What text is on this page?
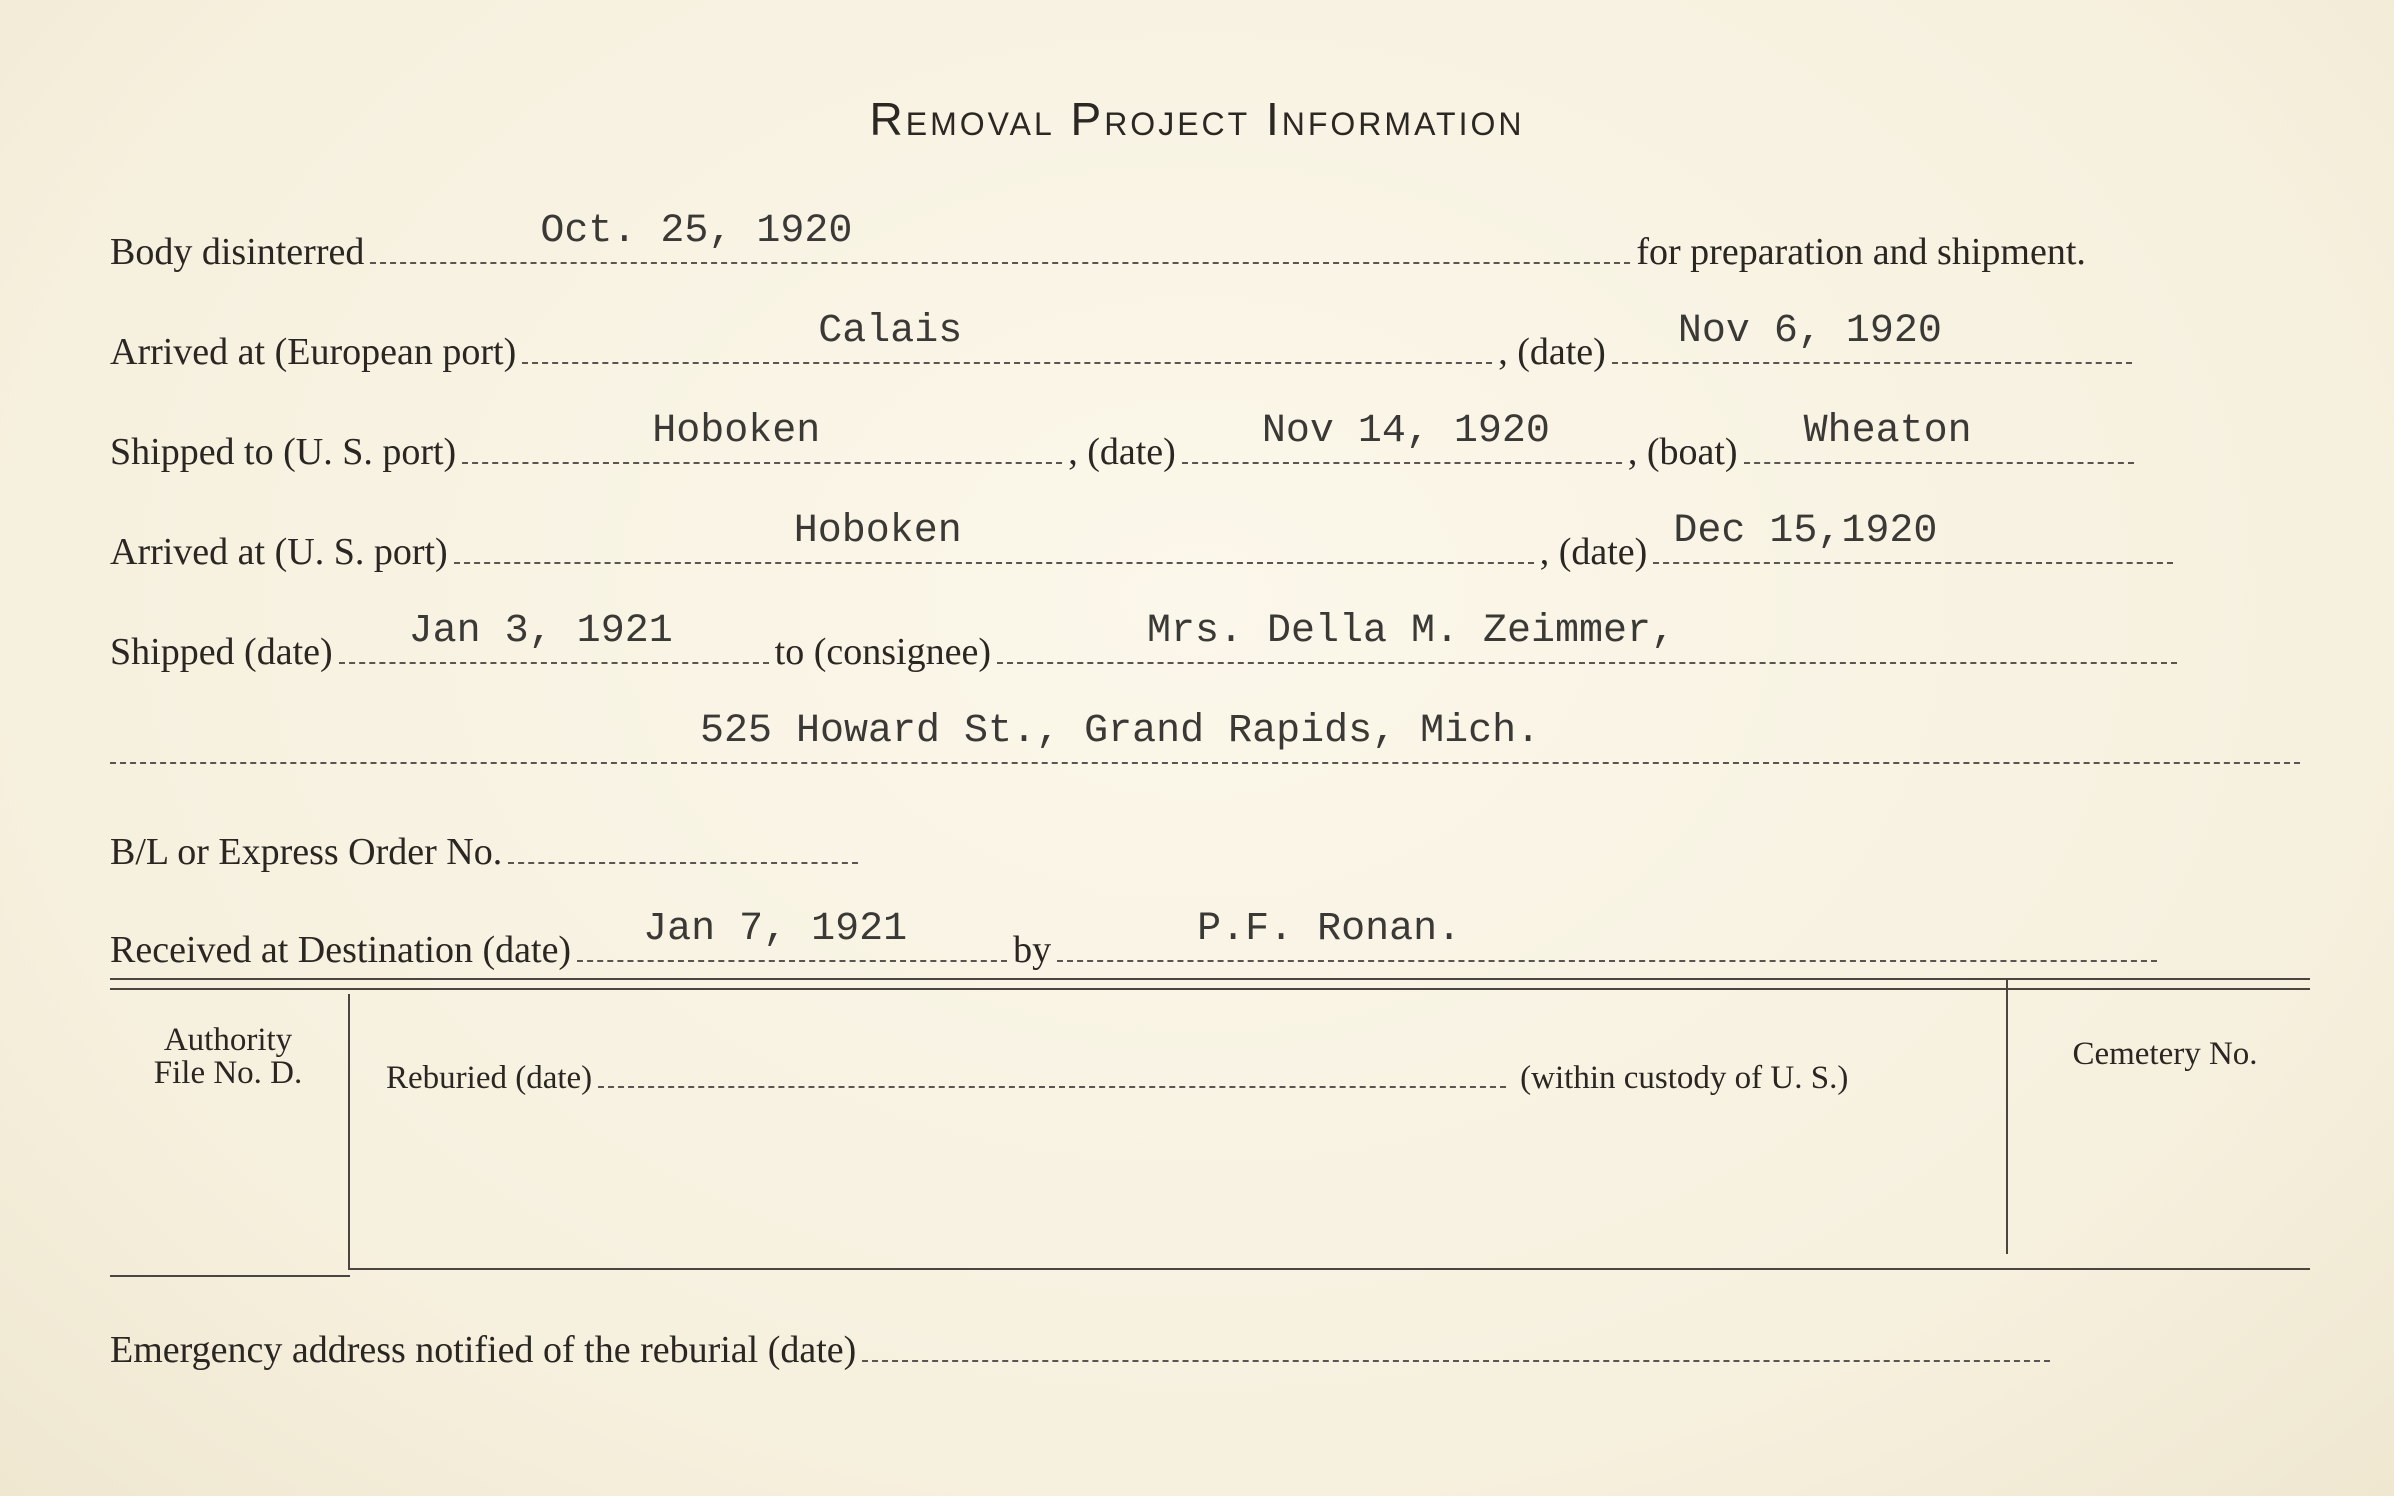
Removal Project Information
Body disinterred	Oct. 25, 1920	for preparation and shipment.
Arrived at (European port)	Calais	, (date) Nov 6, 1920
Shipped to (U. S. port)	Hoboken	, (date) Nov 14, 1920 , (boat) Wheaton
Arrived at (U. S. port)	Hoboken	, (date) Dec 15,1920
Shipped (date) Jan 3, 1921	to (consignee)	Mrs. Della M. Zeimmer,
525 Howard St., Grand Rapids, Mich.
B/L or Express Order No.
Received at Destination (date) Jan 7, 1921	by	P.F. Ronan.
Authority
File No. D.	Reburied (date)	(within custody of U. S.)
Cemetery No.
Emergency address notified of the reburial (date)
